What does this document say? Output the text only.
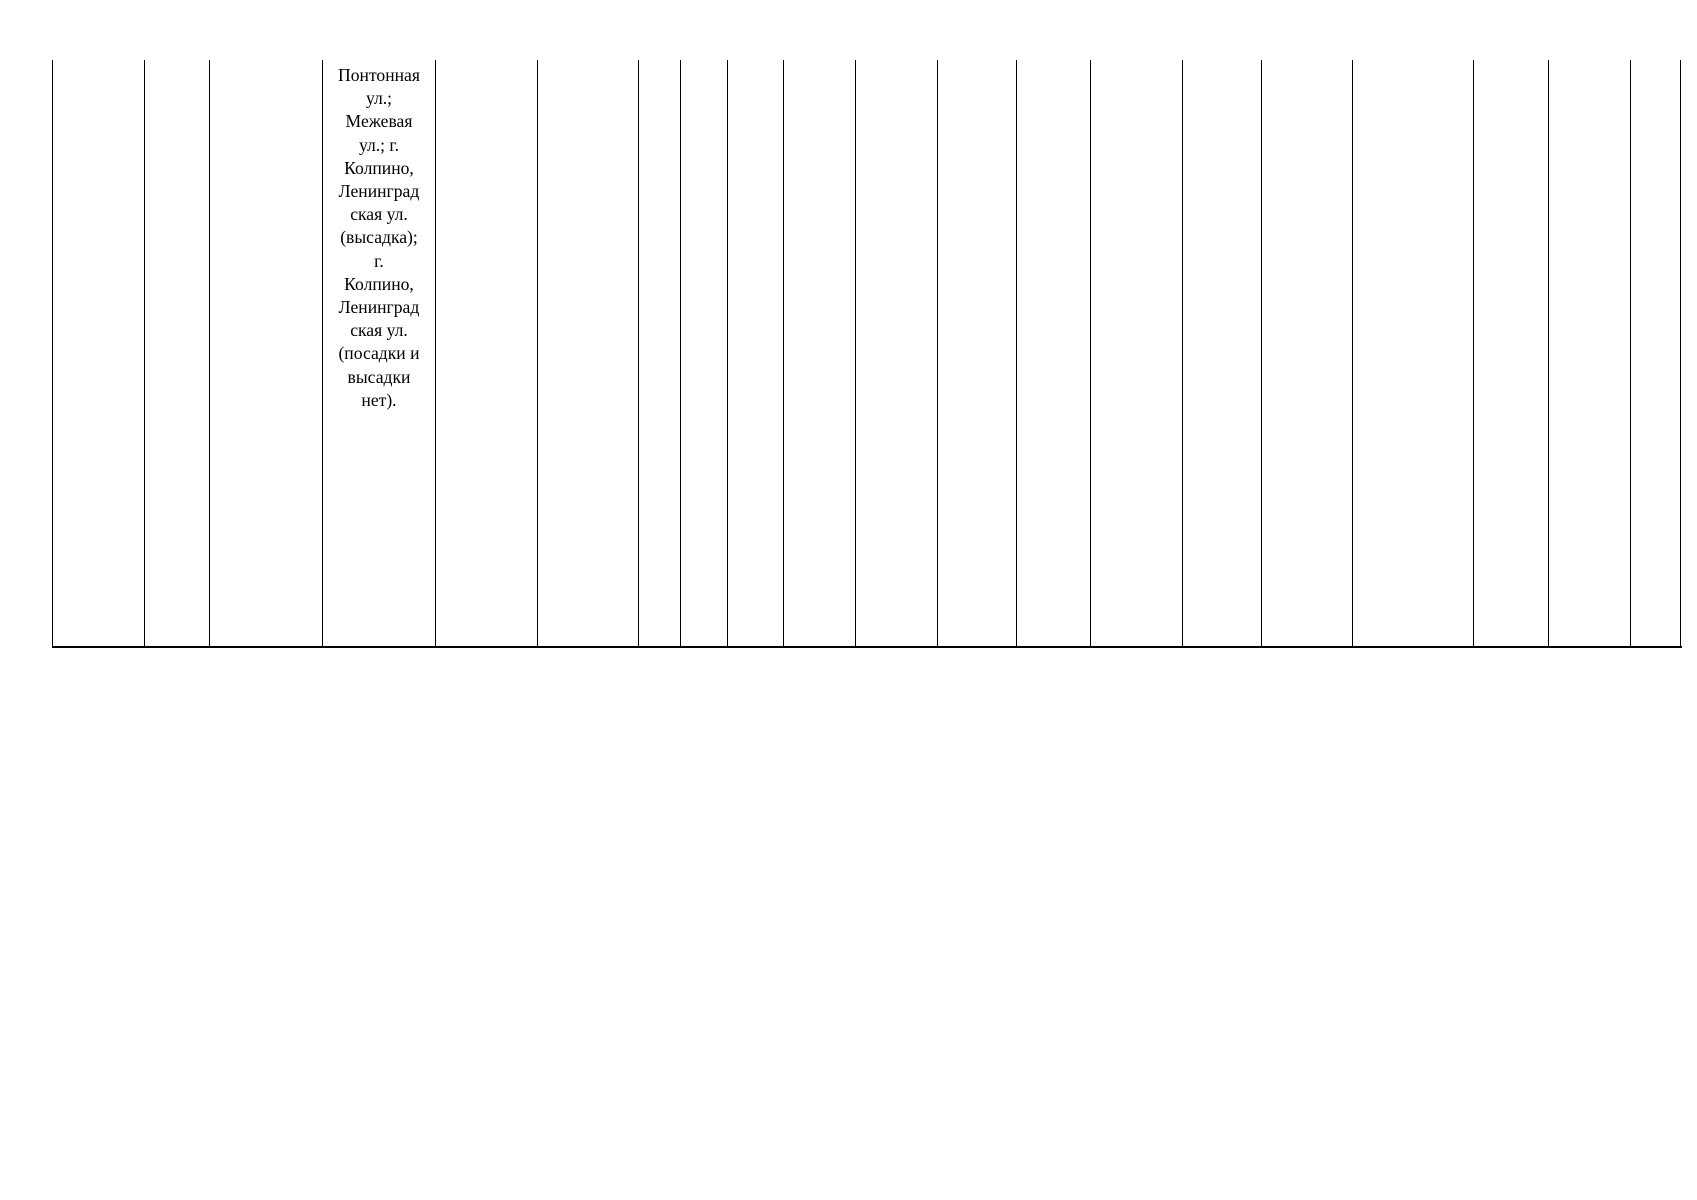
Понтонная
ул.;
Межевая
ул.; г.
Колпино,
Ленинград
ская ул.
(высадка);
г.
Колпино,
Ленинград
ская ул.
(посадки и
высадки
нет).
